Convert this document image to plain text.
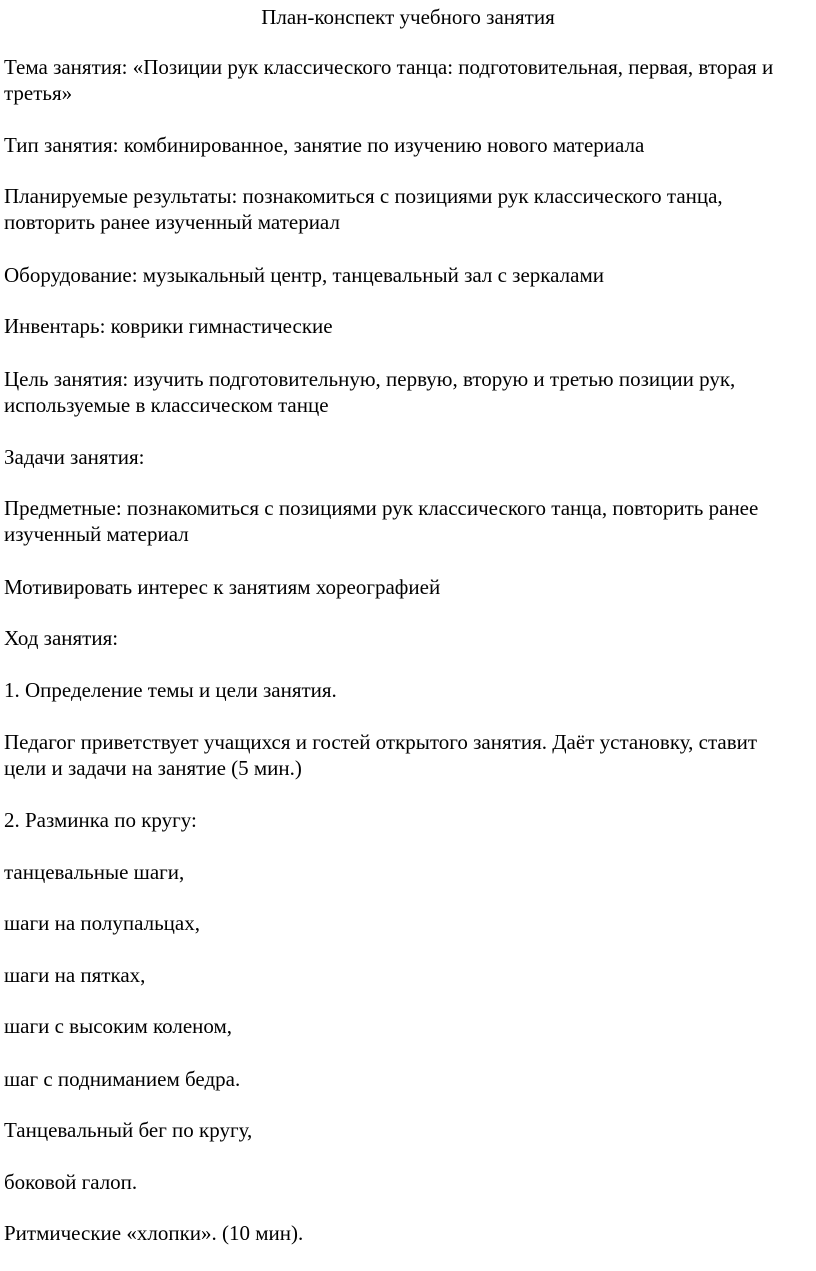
План-конспект учебного занятия

Тема занятия: «Позиции рук классического танца: подготовительная, первая, вторая и третья»

Тип занятия: комбинированное, занятие по изучению нового материала

Планируемые результаты: познакомиться с позициями рук классического танца, повторить ранее изученный материал

Оборудование: музыкальный центр, танцевальный зал с зеркалами

Инвентарь: коврики гимнастические

Цель занятия: изучить подготовительную, первую, вторую и третью позиции рук, используемые в классическом танце

Задачи занятия:

Предметные: познакомиться с позициями рук классического танца, повторить ранее изученный материал

Мотивировать интерес к занятиям хореографией

Ход занятия:

1. Определение темы и цели занятия.

Педагог приветствует учащихся и гостей открытого занятия. Даёт установку, ставит цели и задачи на занятие (5 мин.)

2. Разминка по кругу:

танцевальные шаги,

шаги на полупальцах,

шаги на пятках,

шаги с высоким коленом,

шаг с подниманием бедра.

Танцевальный бег по кругу,

боковой галоп.

Ритмические «хлопки». (10 мин).
